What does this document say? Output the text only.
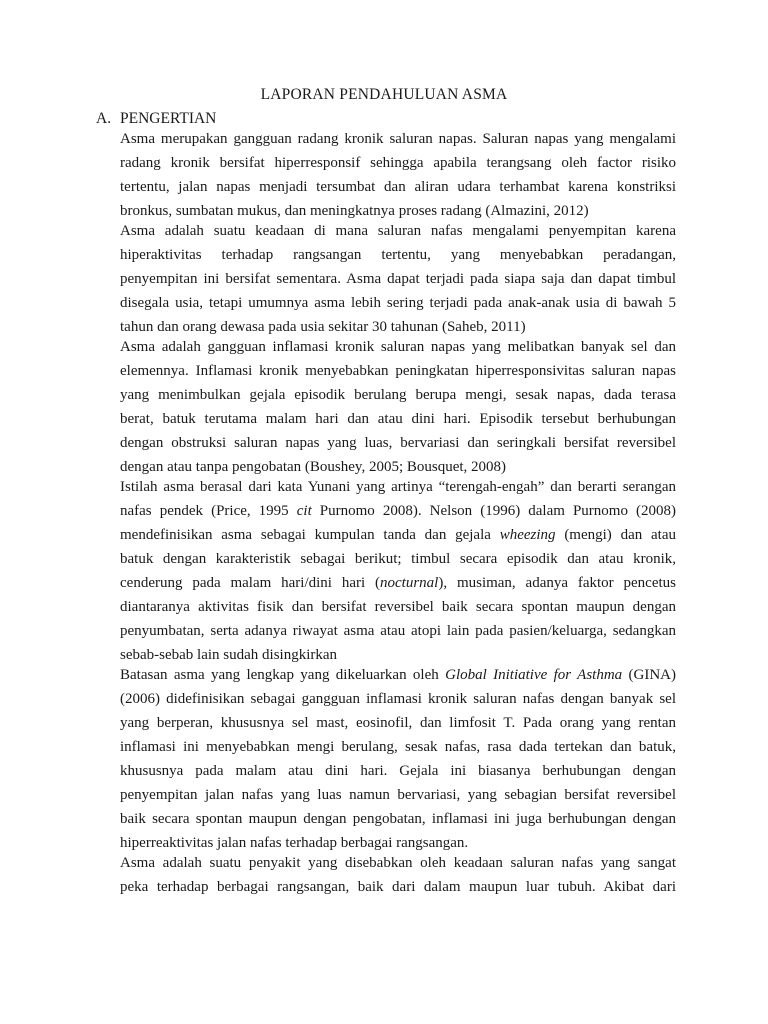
LAPORAN PENDAHULUAN ASMA
A. PENGERTIAN
Asma merupakan gangguan radang kronik saluran napas. Saluran napas yang mengalami
radang kronik bersifat hiperresponsif sehingga apabila terangsang oleh factor risiko
tertentu, jalan napas menjadi tersumbat dan aliran udara terhambat karena konstriksi
bronkus, sumbatan mukus, dan meningkatnya proses radang (Almazini, 2012)
Asma adalah suatu keadaan di mana saluran nafas mengalami penyempitan karena
hiperaktivitas terhadap rangsangan tertentu, yang menyebabkan peradangan,
penyempitan ini bersifat sementara. Asma dapat terjadi pada siapa saja dan dapat timbul
disegala usia, tetapi umumnya asma lebih sering terjadi pada anak-anak usia di bawah 5
tahun dan orang dewasa pada usia sekitar 30 tahunan (Saheb, 2011)
Asma adalah gangguan inflamasi kronik saluran napas yang melibatkan banyak sel dan
elemennya. Inflamasi kronik menyebabkan peningkatan hiperresponsivitas saluran napas
yang menimbulkan gejala episodik berulang berupa mengi, sesak napas, dada terasa
berat, batuk terutama malam hari dan atau dini hari. Episodik tersebut berhubungan
dengan obstruksi saluran napas yang luas, bervariasi dan seringkali bersifat reversibel
dengan atau tanpa pengobatan (Boushey, 2005; Bousquet, 2008)
Istilah asma berasal dari kata Yunani yang artinya “terengah-engah” dan berarti serangan
nafas pendek (Price, 1995 cit Purnomo 2008). Nelson (1996) dalam Purnomo (2008)
mendefinisikan asma sebagai kumpulan tanda dan gejala wheezing (mengi) dan atau
batuk dengan karakteristik sebagai berikut; timbul secara episodik dan atau kronik,
cenderung pada malam hari/dini hari (nocturnal), musiman, adanya faktor pencetus
diantaranya aktivitas fisik dan bersifat reversibel baik secara spontan maupun dengan
penyumbatan, serta adanya riwayat asma atau atopi lain pada pasien/keluarga, sedangkan
sebab-sebab lain sudah disingkirkan
Batasan asma yang lengkap yang dikeluarkan oleh Global Initiative for Asthma (GINA)
(2006) didefinisikan sebagai gangguan inflamasi kronik saluran nafas dengan banyak sel
yang berperan, khususnya sel mast, eosinofil, dan limfosit T. Pada orang yang rentan
inflamasi ini menyebabkan mengi berulang, sesak nafas, rasa dada tertekan dan batuk,
khususnya pada malam atau dini hari. Gejala ini biasanya berhubungan dengan
penyempitan jalan nafas yang luas namun bervariasi, yang sebagian bersifat reversibel
baik secara spontan maupun dengan pengobatan, inflamasi ini juga berhubungan dengan
hiperreaktivitas jalan nafas terhadap berbagai rangsangan.
Asma adalah suatu penyakit yang disebabkan oleh keadaan saluran nafas yang sangat
peka terhadap berbagai rangsangan, baik dari dalam maupun luar tubuh. Akibat dari
